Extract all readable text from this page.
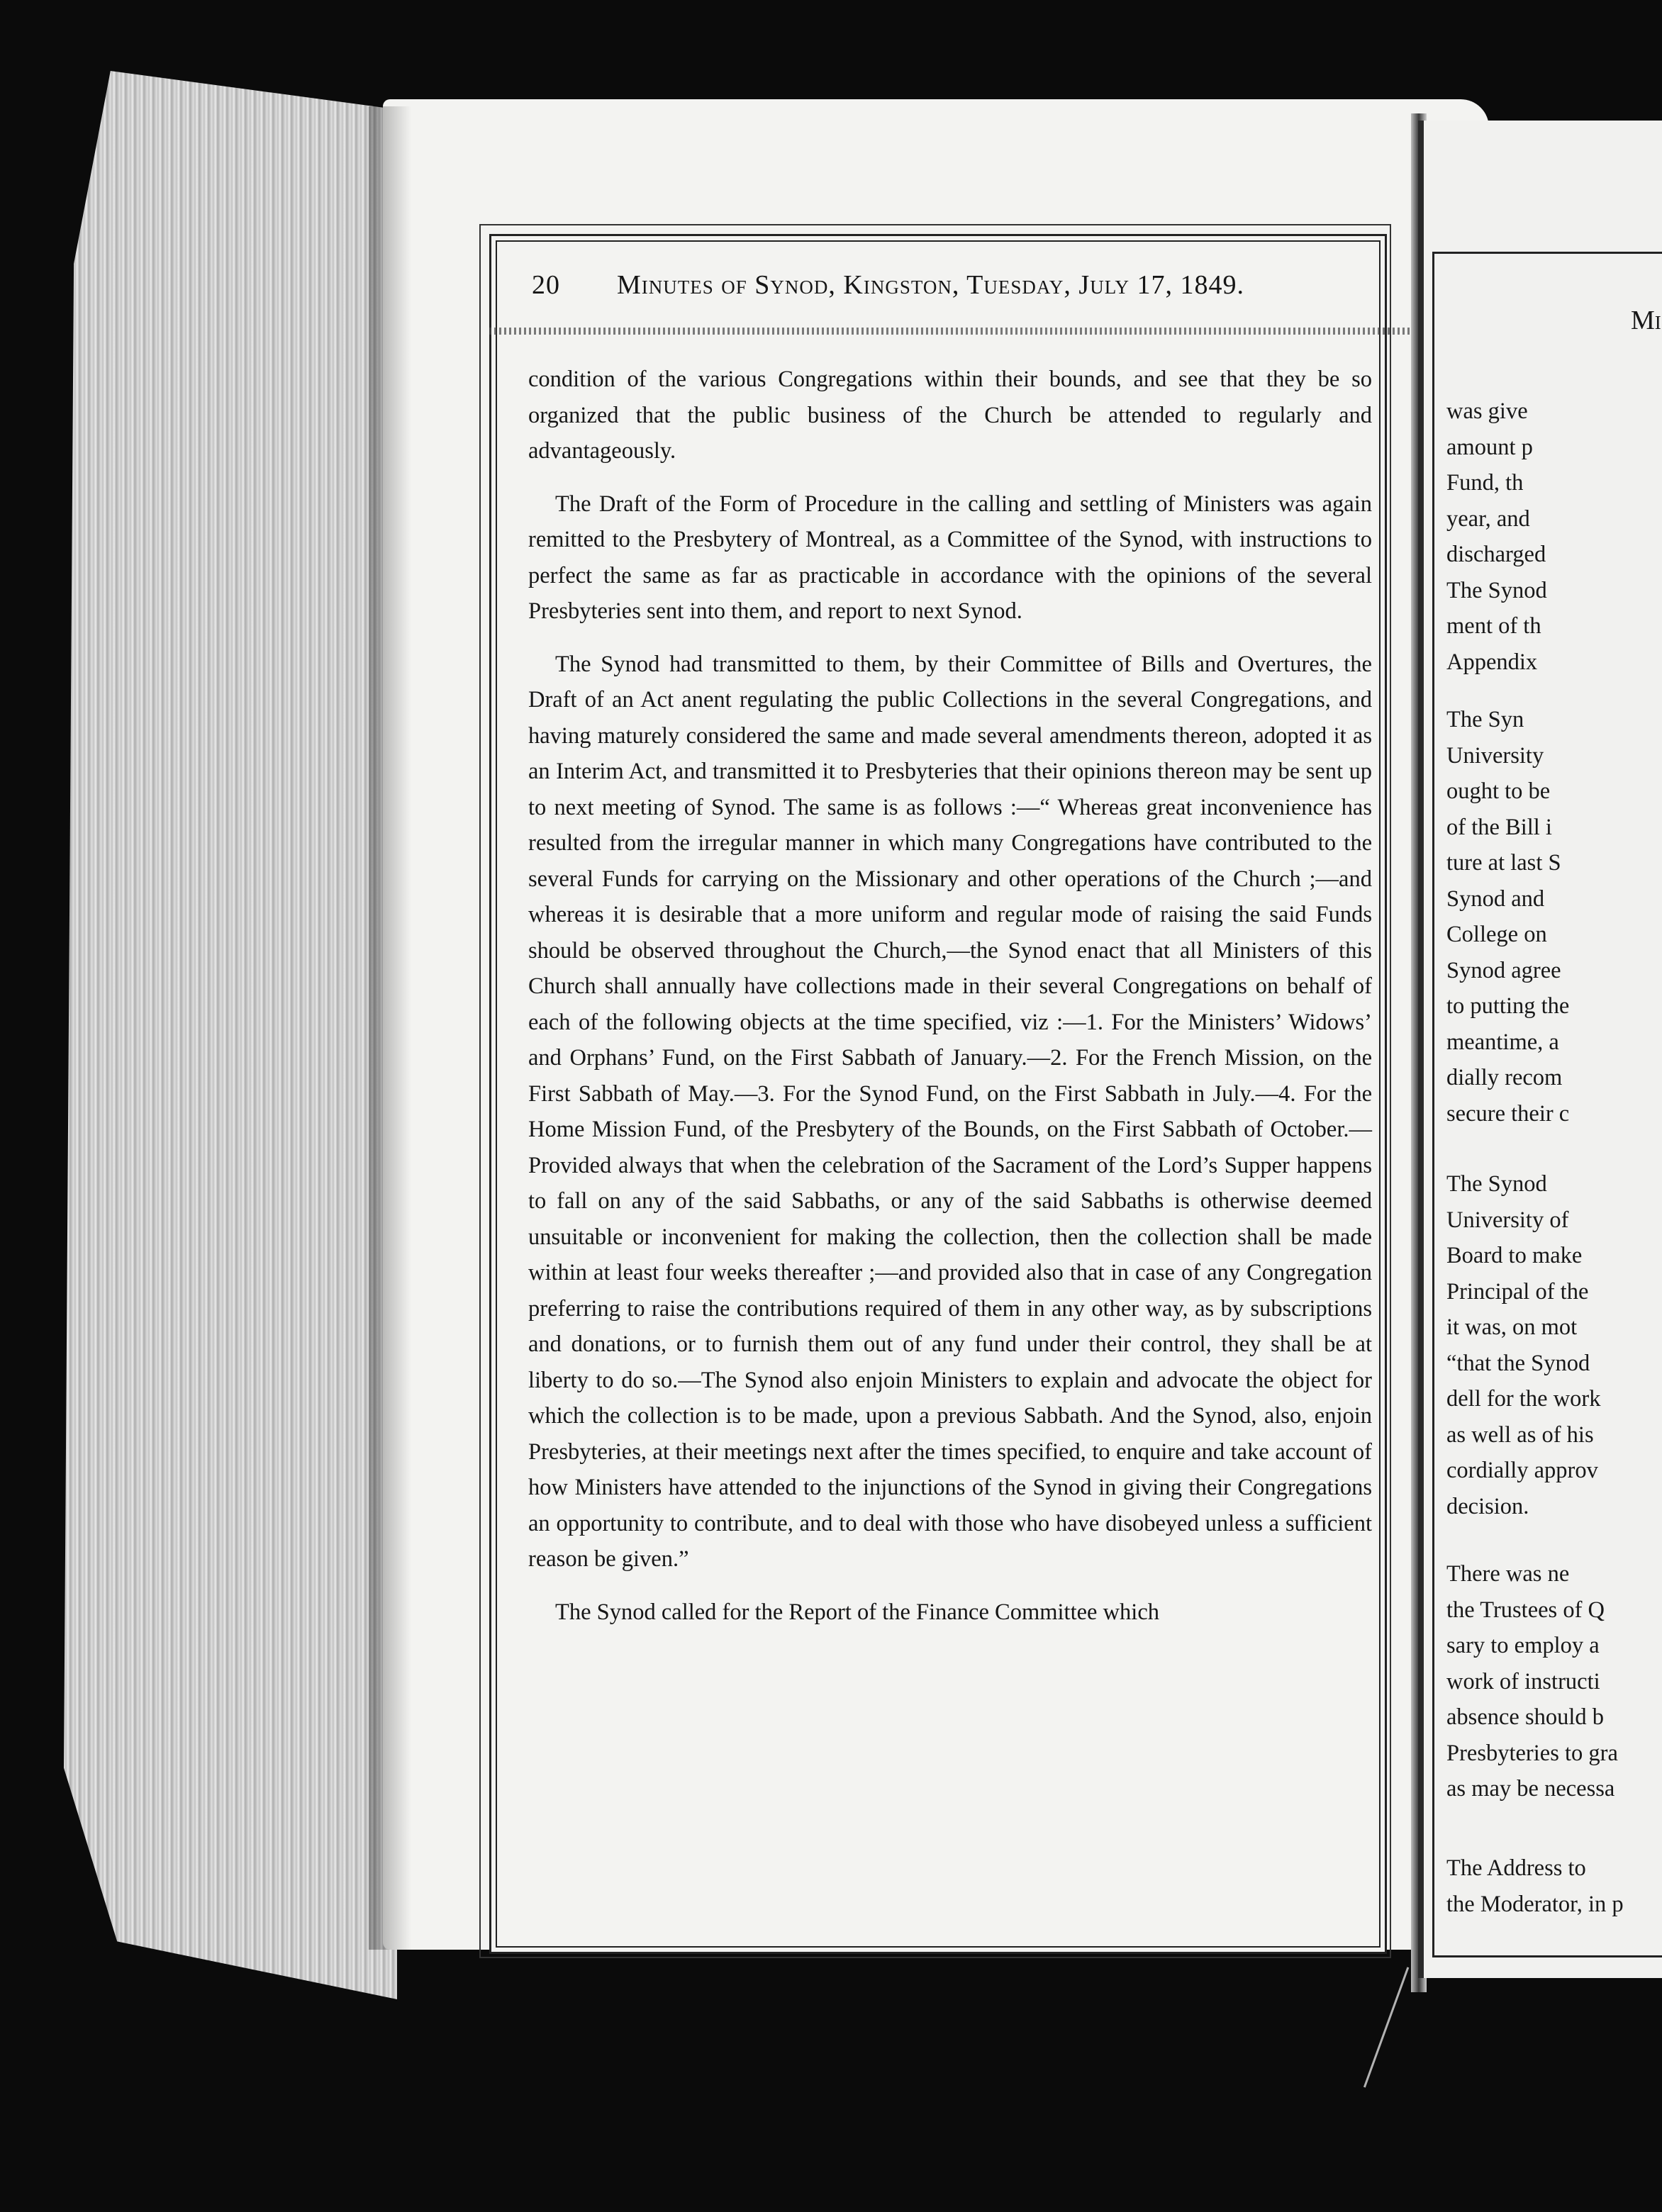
20 Minutes of Synod, Kingston, Tuesday, July 17, 1849.

condition of the various Congregations within their bounds, and see that they be so organized that the public business of the Church be attended to regularly and advantageously.

The Draft of the Form of Procedure in the calling and settling of Ministers was again remitted to the Presbytery of Montreal, as a Committee of the Synod, with instructions to perfect the same as far as practicable in accordance with the opinions of the several Presbyteries sent into them, and report to next Synod.

The Synod had transmitted to them, by their Committee of Bills and Overtures, the Draft of an Act anent regulating the public Collections in the several Congregations, and having maturely considered the same and made several amendments thereon, adopted it as an Interim Act, and transmitted it to Presbyteries that their opinions thereon may be sent up to next meeting of Synod. The same is as follows :—“ Whereas great inconvenience has resulted from the irregular manner in which many Congregations have contributed to the several Funds for carrying on the Missionary and other operations of the Church ;—and whereas it is desirable that a more uniform and regular mode of raising the said Funds should be observed throughout the Church,—the Synod enact that all Ministers of this Church shall annually have collections made in their several Congregations on behalf of each of the following objects at the time specified, viz :—1. For the Ministers’ Widows’ and Orphans’ Fund, on the First Sabbath of January.—2. For the French Mission, on the First Sabbath of May.—3. For the Synod Fund, on the First Sabbath in July.—4. For the Home Mission Fund, of the Presbytery of the Bounds, on the First Sabbath of October.—Provided always that when the celebration of the Sacrament of the Lord’s Supper happens to fall on any of the said Sabbaths, or any of the said Sabbaths is otherwise deemed unsuitable or inconvenient for making the collection, then the collection shall be made within at least four weeks thereafter ;—and provided also that in case of any Congregation preferring to raise the contributions required of them in any other way, as by subscriptions and donations, or to furnish them out of any fund under their control, they shall be at liberty to do so.—The Synod also enjoin Ministers to explain and advocate the object for which the collection is to be made, upon a previous Sabbath. And the Synod, also, enjoin Presbyteries, at their meetings next after the times specified, to enquire and take account of how Ministers have attended to the injunctions of the Synod in giving their Congregations an opportunity to contribute, and to deal with those who have disobeyed unless a sufficient reason be given.”

The Synod called for the Report of the Finance Committee which

Mi
was give
amount p
Fund, th
year, and
discharged
The Synod
ment of th
Appendix
The Syn
University
ought to be
of the Bill i
ture at last S
Synod and
College on
Synod agree
to putting the
meantime, a
dially recom
secure their c
The Synod
University of
Board to make
Principal of the
it was, on mot
“that the Synod
dell for the work
as well as of his
cordially approv
decision.
There was ne
the Trustees of Q
sary to employ a
work of instructi
absence should b
Presbyteries to gra
as may be necessa
The Address to
the Moderator, in p
